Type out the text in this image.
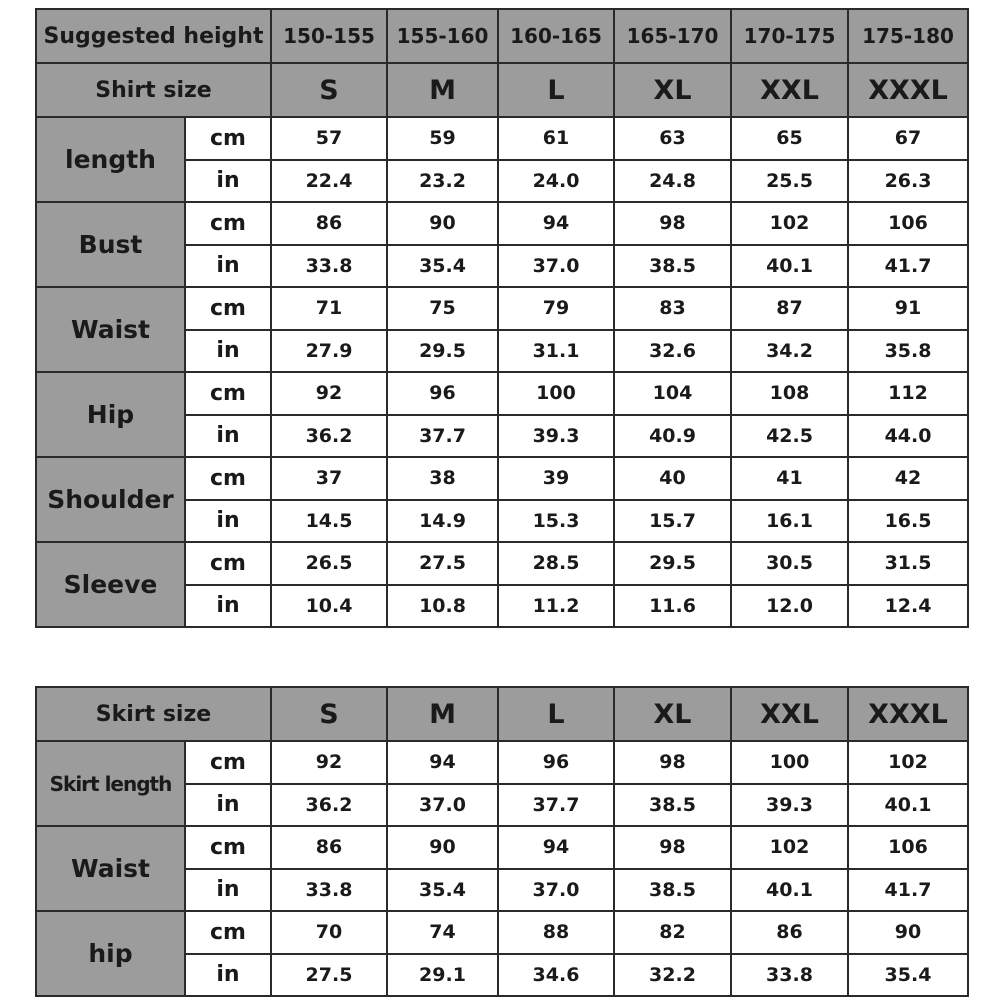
Suggested height		150-155	155-160	160-165	165-170	170-175	175-180
Shirt size		S	M	L	XL	XXL	XXXL
length	cm	57	59	61	63	65	67
	in	22.4	23.2	24.0	24.8	25.5	26.3
Bust	cm	86	90	94	98	102	106
	in	33.8	35.4	37.0	38.5	40.1	41.7
Waist	cm	71	75	79	83	87	91
	in	27.9	29.5	31.1	32.6	34.2	35.8
Hip	cm	92	96	100	104	108	112
	in	36.2	37.7	39.3	40.9	42.5	44.0
Shoulder	cm	37	38	39	40	41	42
	in	14.5	14.9	15.3	15.7	16.1	16.5
Sleeve	cm	26.5	27.5	28.5	29.5	30.5	31.5
	in	10.4	10.8	11.2	11.6	12.0	12.4
Skirt size		S	M	L	XL	XXL	XXXL
Skirt length	cm	92	94	96	98	100	102
	in	36.2	37.0	37.7	38.5	39.3	40.1
Waist	cm	86	90	94	98	102	106
	in	33.8	35.4	37.0	38.5	40.1	41.7
hip	cm	70	74	88	82	86	90
	in	27.5	29.1	34.6	32.2	33.8	35.4
